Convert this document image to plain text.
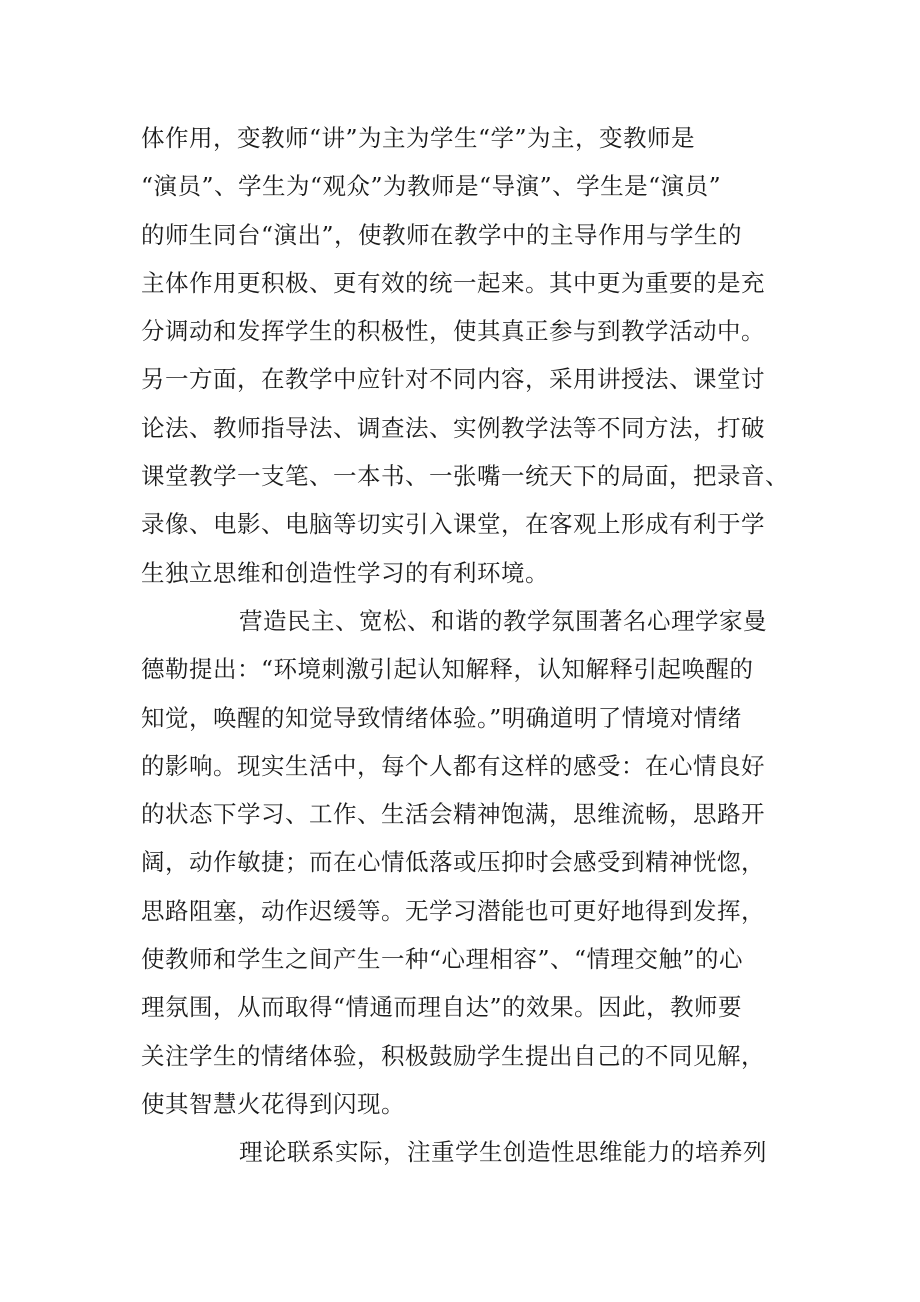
体作用，变教师“讲”为主为学生“学”为主，变教师是
“演员”、学生为“观众”为教师是“导演”、学生是“演员”
的师生同台“演出”，使教师在教学中的主导作用与学生的
主体作用更积极、更有效的统一起来。其中更为重要的是充
分调动和发挥学生的积极性，使其真正参与到教学活动中。
另一方面，在教学中应针对不同内容，采用讲授法、课堂讨
论法、教师指导法、调查法、实例教学法等不同方法，打破
课堂教学一支笔、一本书、一张嘴一统天下的局面，把录音、
录像、电影、电脑等切实引入课堂，在客观上形成有利于学
生独立思维和创造性学习的有利环境。
营造民主、宽松、和谐的教学氛围著名心理学家曼
德勒提出：“环境刺激引起认知解释，认知解释引起唤醒的
知觉，唤醒的知觉导致情绪体验。”明确道明了情境对情绪
的影响。现实生活中，每个人都有这样的感受：在心情良好
的状态下学习、工作、生活会精神饱满，思维流畅，思路开
阔，动作敏捷；而在心情低落或压抑时会感受到精神恍惚，
思路阻塞，动作迟缓等。无学习潜能也可更好地得到发挥，
使教师和学生之间产生一种“心理相容”、“情理交触”的心
理氛围，从而取得“情通而理自达”的效果。因此，教师要
关注学生的情绪体验，积极鼓励学生提出自己的不同见解，
使其智慧火花得到闪现。
理论联系实际，注重学生创造性思维能力的培养列
